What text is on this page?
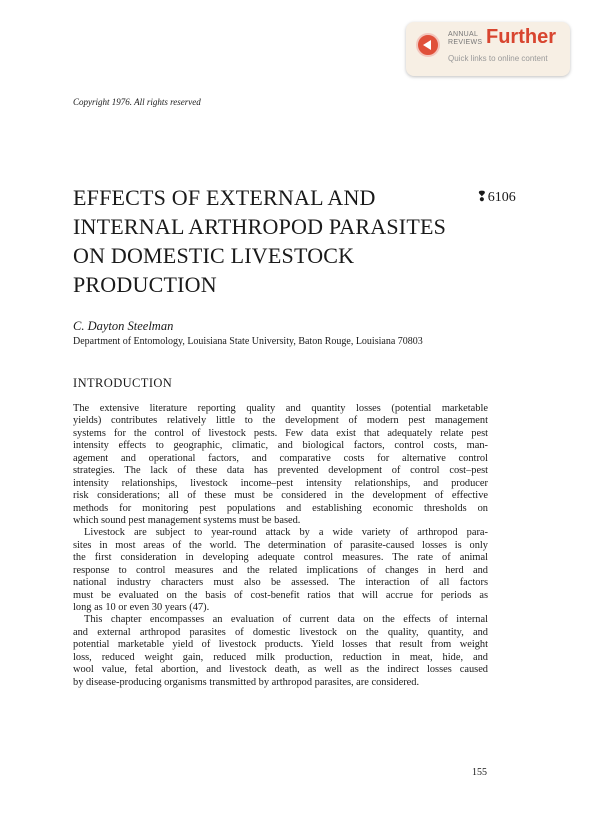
ANNUAL
REVIEWS Further
Quick links to online content
Copyright 1976. All rights reserved
EFFECTS OF EXTERNAL AND
INTERNAL ARTHROPOD PARASITES
ON DOMESTIC LIVESTOCK
PRODUCTION
❢6106
C. Dayton Steelman
Department of Entomology, Louisiana State University, Baton Rouge, Louisiana 70803
INTRODUCTION
The extensive literature reporting quality and quantity losses (potential marketable
yields) contributes relatively little to the development of modern pest management
systems for the control of livestock pests. Few data exist that adequately relate pest
intensity effects to geographic, climatic, and biological factors, control costs, man-
agement and operational factors, and comparative costs for alternative control
strategies. The lack of these data has prevented development of control cost–pest
intensity relationships, livestock income–pest intensity relationships, and producer
risk considerations; all of these must be considered in the development of effective
methods for monitoring pest populations and establishing economic thresholds on
which sound pest management systems must be based.
Livestock are subject to year-round attack by a wide variety of arthropod para-
sites in most areas of the world. The determination of parasite-caused losses is only
the first consideration in developing adequate control measures. The rate of animal
response to control measures and the related implications of changes in herd and
national industry characters must also be assessed. The interaction of all factors
must be evaluated on the basis of cost-benefit ratios that will accrue for periods as
long as 10 or even 30 years (47).
This chapter encompasses an evaluation of current data on the effects of internal
and external arthropod parasites of domestic livestock on the quality, quantity, and
potential marketable yield of livestock products. Yield losses that result from weight
loss, reduced weight gain, reduced milk production, reduction in meat, hide, and
wool value, fetal abortion, and livestock death, as well as the indirect losses caused
by disease-producing organisms transmitted by arthropod parasites, are considered.
155
